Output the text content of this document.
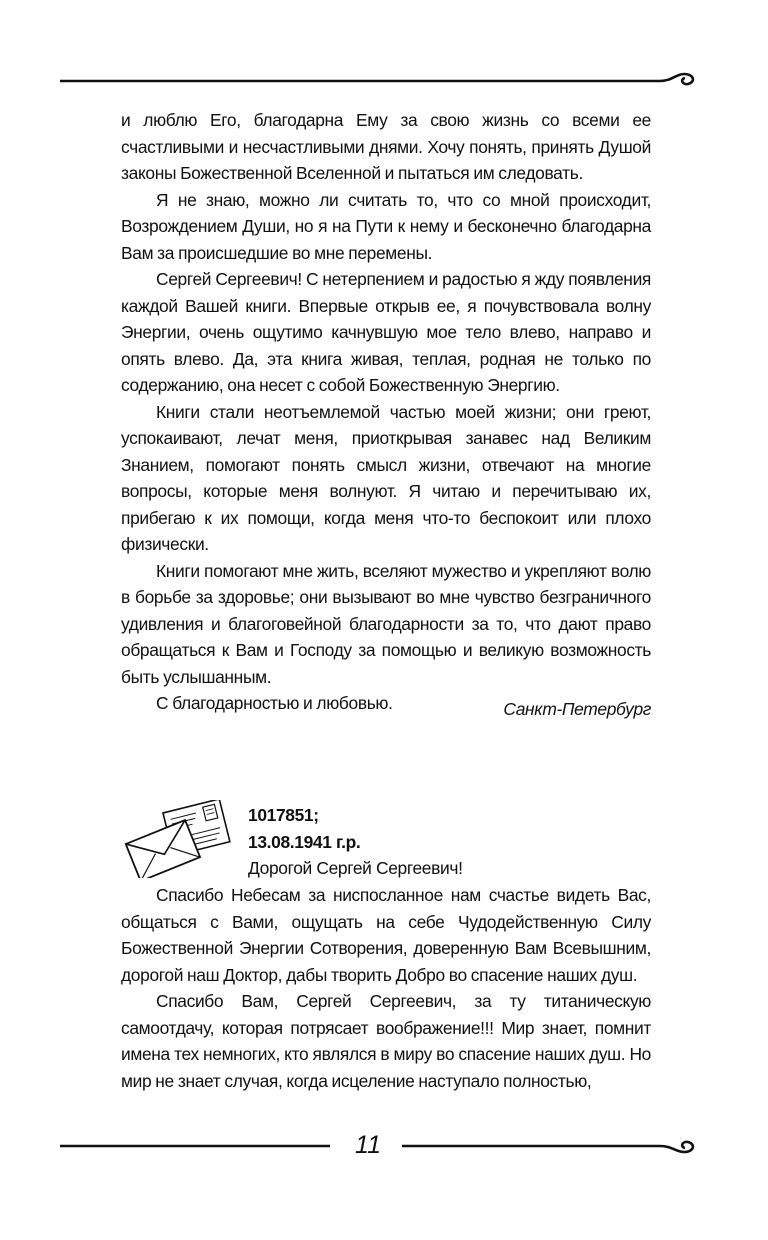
и люблю Его, благодарна Ему за свою жизнь со всеми ее счастливыми и несчастливыми днями. Хочу понять, принять Душой законы Божественной Вселенной и пытаться им следовать.

Я не знаю, можно ли считать то, что со мной происходит, Возрождением Души, но я на Пути к нему и бесконечно благодарна Вам за происшедшие во мне перемены.

Сергей Сергеевич! С нетерпением и радостью я жду появления каждой Вашей книги. Впервые открыв ее, я почувствовала волну Энергии, очень ощутимо качнувшую мое тело влево, направо и опять влево. Да, эта книга живая, теплая, родная не только по содержанию, она несет с собой Божественную Энергию.

Книги стали неотъемлемой частью моей жизни; они греют, успокаивают, лечат меня, приоткрывая занавес над Великим Знанием, помогают понять смысл жизни, отвечают на многие вопросы, которые меня волнуют. Я читаю и перечитываю их, прибегаю к их помощи, когда меня что-то беспокоит или плохо физически.

Книги помогают мне жить, вселяют мужество и укрепляют волю в борьбе за здоровье; они вызывают во мне чувство безграничного удивления и благоговейной благодарности за то, что дают право обращаться к Вам и Господу за помощью и великую возможность быть услышанным.

С благодарностью и любовью.	Санкт-Петербург
1017851;
13.08.1941 г.р.
Дорогой Сергей Сергеевич!

Спасибо Небесам за ниспосланное нам счастье видеть Вас, общаться с Вами, ощущать на себе Чудодейственную Силу Божественной Энергии Сотворения, доверенную Вам Всевышним, дорогой наш Доктор, дабы творить Добро во спасение наших душ.

Спасибо Вам, Сергей Сергеевич, за ту титаническую самоотдачу, которая потрясает воображение!!! Мир знает, помнит имена тех немногих, кто являлся в миру во спасение наших душ. Но мир не знает случая, когда исцеление наступало полностью,

11
